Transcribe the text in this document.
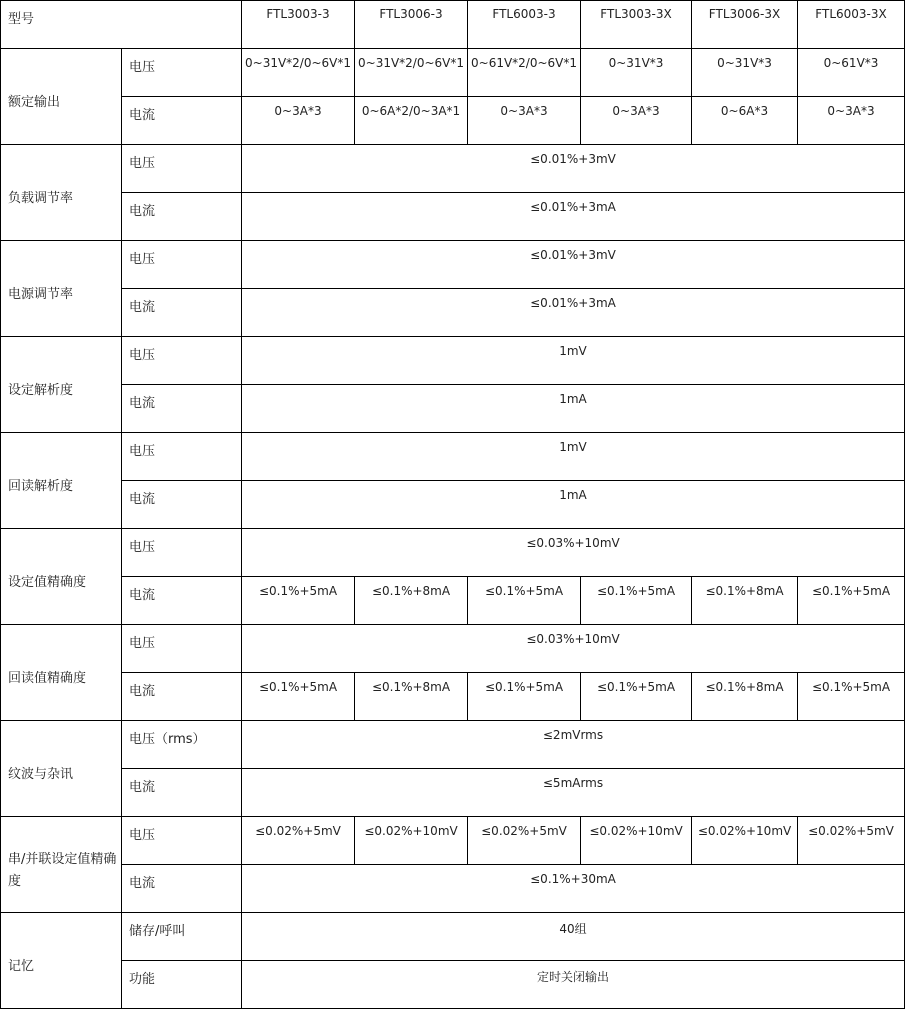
型号		FTL3003-3	FTL3006-3	FTL6003-3	FTL3003-3X	FTL3006-3X	FTL6003-3X
额定输出	电压	0~31V*2/0~6V*1	0~31V*2/0~6V*1	0~61V*2/0~6V*1	0~31V*3	0~31V*3	0~61V*3
	电流	0~3A*3	0~6A*2/0~3A*1	0~3A*3	0~3A*3	0~6A*3	0~3A*3
负载调节率	电压	≤0.01%+3mV					
	电流	≤0.01%+3mA					
电源调节率	电压	≤0.01%+3mV					
	电流	≤0.01%+3mA					
设定解析度	电压	1mV					
	电流	1mA					
回读解析度	电压	1mV					
	电流	1mA					
设定值精确度	电压	≤0.03%+10mV					
	电流	≤0.1%+5mA	≤0.1%+8mA	≤0.1%+5mA	≤0.1%+5mA	≤0.1%+8mA	≤0.1%+5mA
回读值精确度	电压	≤0.03%+10mV					
	电流	≤0.1%+5mA	≤0.1%+8mA	≤0.1%+5mA	≤0.1%+5mA	≤0.1%+8mA	≤0.1%+5mA
纹波与杂讯	电压（rms）	≤2mVrms					
	电流	≤5mArms					
串/并联设定值精确度	电压	≤0.02%+5mV	≤0.02%+10mV	≤0.02%+5mV	≤0.02%+10mV	≤0.02%+10mV	≤0.02%+5mV
	电流	≤0.1%+30mA					
记忆	储存/呼叫	40组					
	功能	定时关闭输出					
